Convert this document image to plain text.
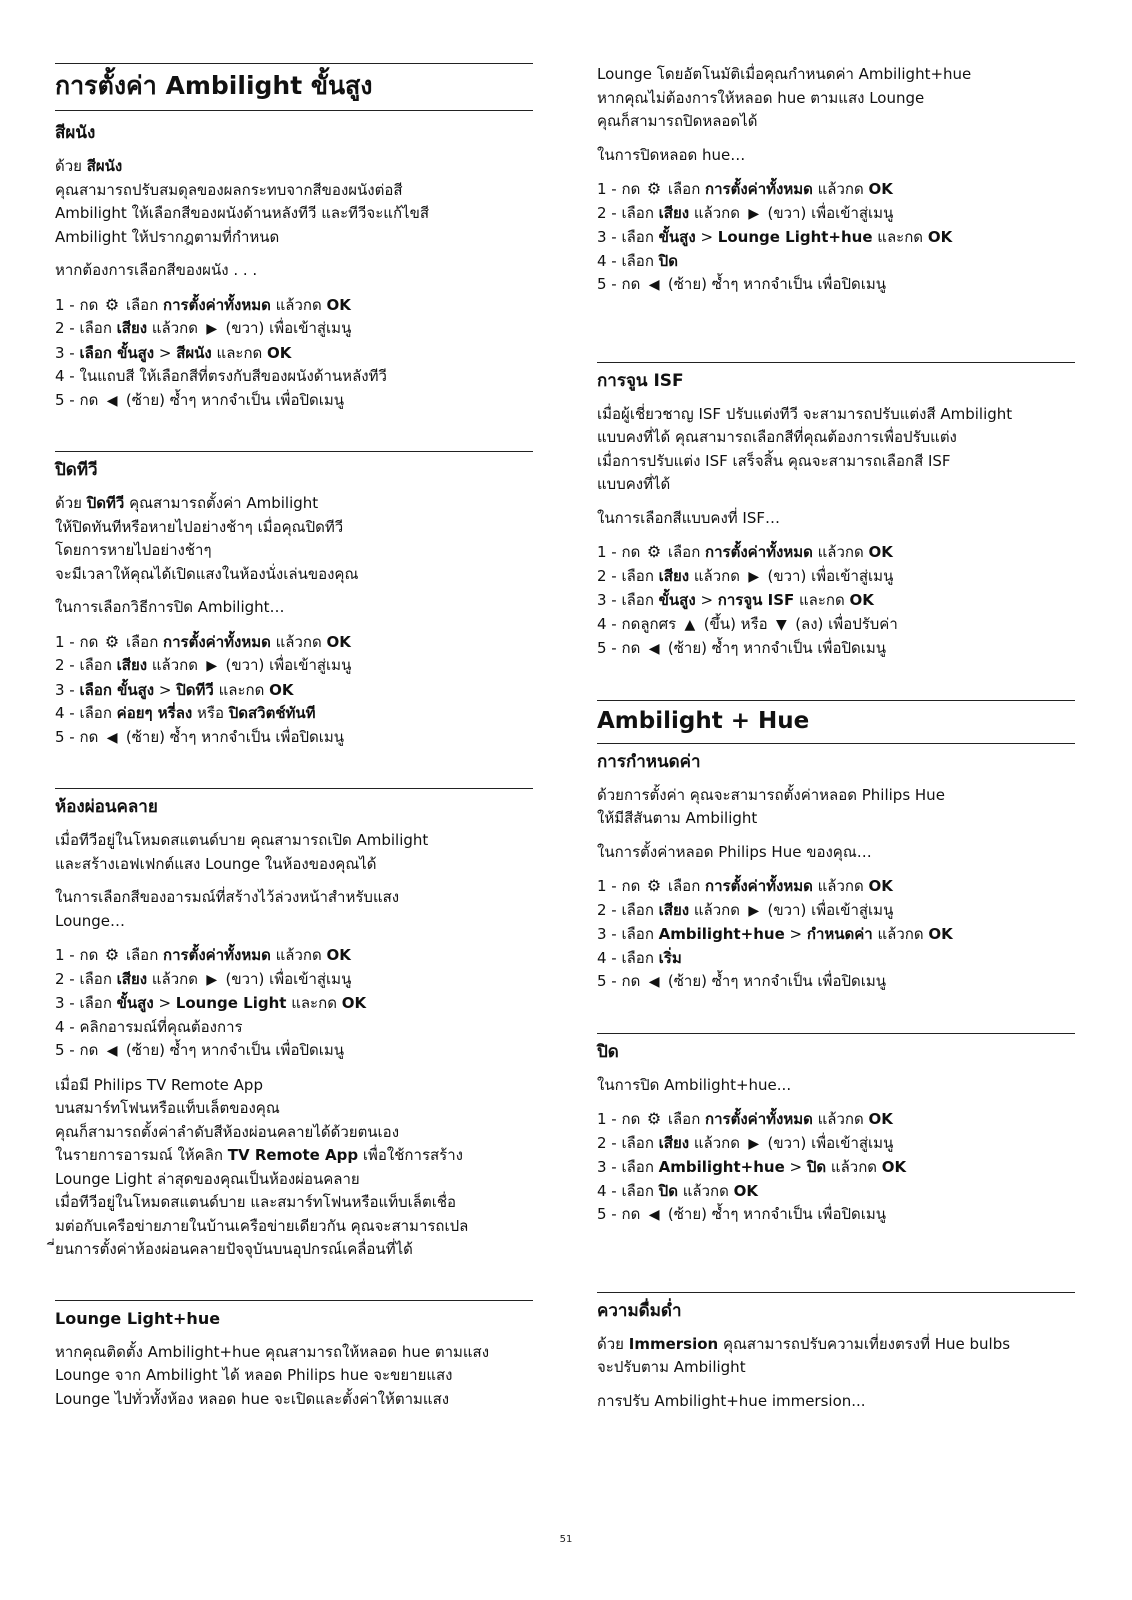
การตั้งค่า Ambilight ขั้นสูง
สีผนัง
ด้วย สีผนัง
คุณสามารถปรับสมดุลของผลกระทบจากสีของผนังต่อสี
Ambilight ให้เลือกสีของผนังด้านหลังทีวี และทีวีจะแก้ไขสี
Ambilight ให้ปรากฎตามที่กำหนด
หากต้องการเลือกสีของผนัง . . .
1 - กด ⚙ เลือก การตั้งค่าทั้งหมด แล้วกด OK
2 - เลือก เสียง แล้วกด ▶ (ขวา) เพื่อเข้าสู่เมนู
3 - เลือก ขั้นสูง > สีผนัง และกด OK
4 - ในแถบสี ให้เลือกสีที่ตรงกับสีของผนังด้านหลังทีวี
5 - กด ◀ (ซ้าย) ซ้ำๆ หากจำเป็น เพื่อปิดเมนู
ปิดทีวี
ด้วย ปิดทีวี คุณสามารถตั้งค่า Ambilight
ให้ปิดทันทีหรือหายไปอย่างช้าๆ เมื่อคุณปิดทีวี
โดยการหายไปอย่างช้าๆ
จะมีเวลาให้คุณได้เปิดแสงในห้องนั่งเล่นของคุณ
ในการเลือกวิธีการปิด Ambilight…
1 - กด ⚙ เลือก การตั้งค่าทั้งหมด แล้วกด OK
2 - เลือก เสียง แล้วกด ▶ (ขวา) เพื่อเข้าสู่เมนู
3 - เลือก ขั้นสูง > ปิดทีวี และกด OK
4 - เลือก ค่อยๆ หรี่ลง หรือ ปิดสวิตช์ทันที
5 - กด ◀ (ซ้าย) ซ้ำๆ หากจำเป็น เพื่อปิดเมนู
ห้องผ่อนคลาย
เมื่อทีวีอยู่ในโหมดสแตนด์บาย คุณสามารถเปิด Ambilight
และสร้างเอฟเฟกต์แสง Lounge ในห้องของคุณได้
ในการเลือกสีของอารมณ์ที่สร้างไว้ล่วงหน้าสำหรับแสง
Lounge…
1 - กด ⚙ เลือก การตั้งค่าทั้งหมด แล้วกด OK
2 - เลือก เสียง แล้วกด ▶ (ขวา) เพื่อเข้าสู่เมนู
3 - เลือก ขั้นสูง > Lounge Light และกด OK
4 - คลิกอารมณ์ที่คุณต้องการ
5 - กด ◀ (ซ้าย) ซ้ำๆ หากจำเป็น เพื่อปิดเมนู
เมื่อมี Philips TV Remote App
บนสมาร์ทโฟนหรือแท็บเล็ตของคุณ
คุณก็สามารถตั้งค่าลำดับสีห้องผ่อนคลายได้ด้วยตนเอง
ในรายการอารมณ์ ให้คลิก TV Remote App เพื่อใช้การสร้าง
Lounge Light ล่าสุดของคุณเป็นห้องผ่อนคลาย
เมื่อทีวีอยู่ในโหมดสแตนด์บาย และสมาร์ทโฟนหรือแท็บเล็ตเชื่อ
มต่อกับเครือข่ายภายในบ้านเครือข่ายเดียวกัน คุณจะสามารถเปล
ี่ยนการตั้งค่าห้องผ่อนคลายปัจจุบันบนอุปกรณ์เคลื่อนที่ได้
Lounge Light+hue
หากคุณติดตั้ง Ambilight+hue คุณสามารถให้หลอด hue ตามแสง
Lounge จาก Ambilight ได้ หลอด Philips hue จะขยายแสง
Lounge ไปทั่วทั้งห้อง หลอด hue จะเปิดและตั้งค่าให้ตามแสง
Lounge โดยอัตโนมัติเมื่อคุณกำหนดค่า Ambilight+hue
หากคุณไม่ต้องการให้หลอด hue ตามแสง Lounge
คุณก็สามารถปิดหลอดได้
ในการปิดหลอด hue…
1 - กด ⚙ เลือก การตั้งค่าทั้งหมด แล้วกด OK
2 - เลือก เสียง แล้วกด ▶ (ขวา) เพื่อเข้าสู่เมนู
3 - เลือก ขั้นสูง > Lounge Light+hue และกด OK
4 - เลือก ปิด
5 - กด ◀ (ซ้าย) ซ้ำๆ หากจำเป็น เพื่อปิดเมนู
การจูน ISF
เมื่อผู้เชี่ยวชาญ ISF ปรับแต่งทีวี จะสามารถปรับแต่งสี Ambilight
แบบคงที่ได้ คุณสามารถเลือกสีที่คุณต้องการเพื่อปรับแต่ง
เมื่อการปรับแต่ง ISF เสร็จสิ้น คุณจะสามารถเลือกสี ISF
แบบคงที่ได้
ในการเลือกสีแบบคงที่ ISF…
1 - กด ⚙ เลือก การตั้งค่าทั้งหมด แล้วกด OK
2 - เลือก เสียง แล้วกด ▶ (ขวา) เพื่อเข้าสู่เมนู
3 - เลือก ขั้นสูง > การจูน ISF และกด OK
4 - กดลูกศร ▲ (ขึ้น) หรือ ▼ (ลง) เพื่อปรับค่า
5 - กด ◀ (ซ้าย) ซ้ำๆ หากจำเป็น เพื่อปิดเมนู
Ambilight + Hue
การกำหนดค่า
ด้วยการตั้งค่า คุณจะสามารถตั้งค่าหลอด Philips Hue
ให้มีสีสันตาม Ambilight
ในการตั้งค่าหลอด Philips Hue ของคุณ…
1 - กด ⚙ เลือก การตั้งค่าทั้งหมด แล้วกด OK
2 - เลือก เสียง แล้วกด ▶ (ขวา) เพื่อเข้าสู่เมนู
3 - เลือก Ambilight+hue > กำหนดค่า แล้วกด OK
4 - เลือก เริ่ม
5 - กด ◀ (ซ้าย) ซ้ำๆ หากจำเป็น เพื่อปิดเมนู
ปิด
ในการปิด Ambilight+hue...
1 - กด ⚙ เลือก การตั้งค่าทั้งหมด แล้วกด OK
2 - เลือก เสียง แล้วกด ▶ (ขวา) เพื่อเข้าสู่เมนู
3 - เลือก Ambilight+hue > ปิด แล้วกด OK
4 - เลือก ปิด แล้วกด OK
5 - กด ◀ (ซ้าย) ซ้ำๆ หากจำเป็น เพื่อปิดเมนู
ความดื่มด่ำ
ด้วย Immersion คุณสามารถปรับความเที่ยงตรงที่ Hue bulbs
จะปรับตาม Ambilight
การปรับ Ambilight+hue immersion...
51
